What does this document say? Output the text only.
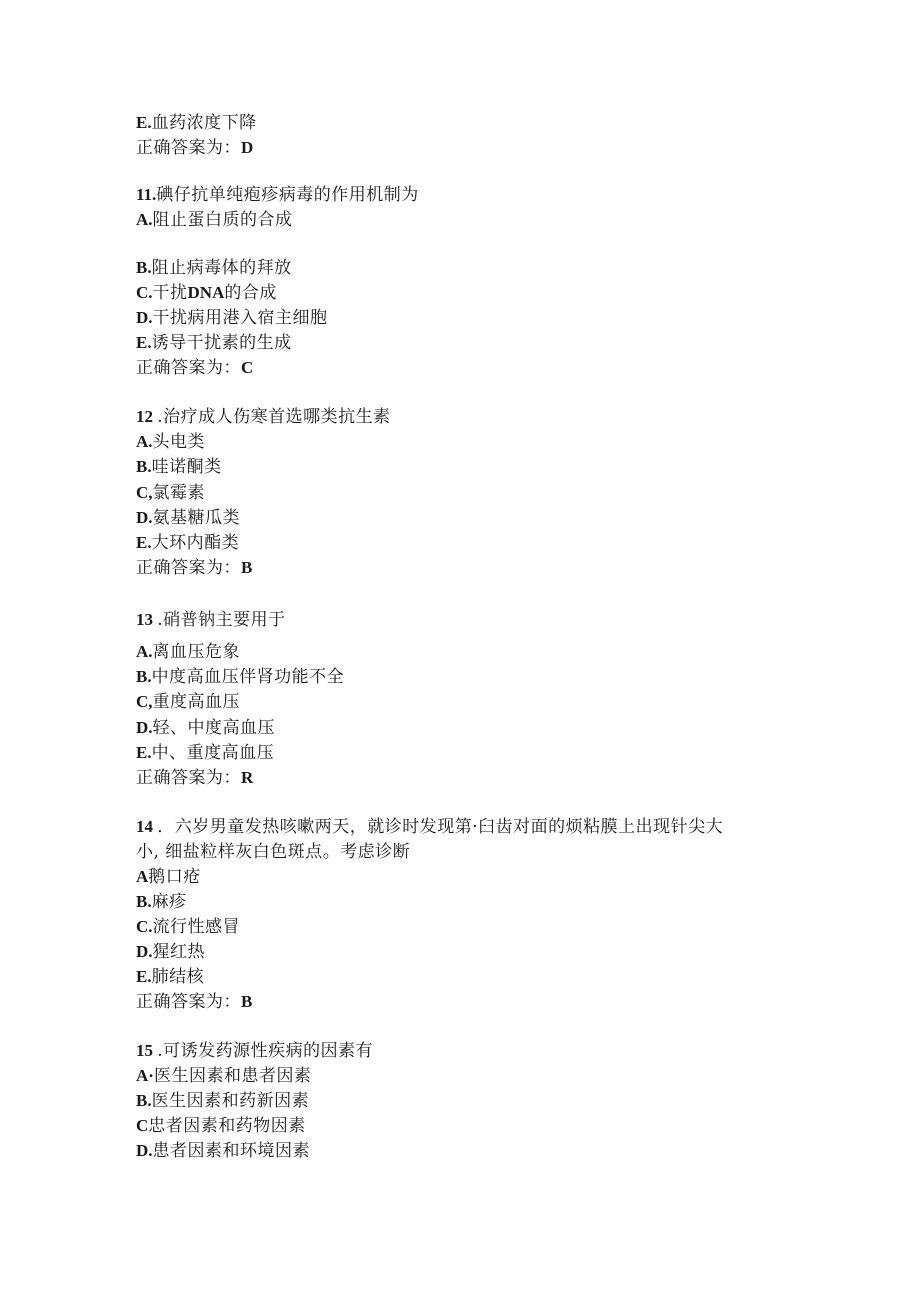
E.血药浓度下降
正确答案为：D
11.碘仔抗单纯疱疹病毒的作用机制为
A.阻止蛋白质的合成
B.阻止病毒体的拜放
C.干扰DNA的合成
D.干扰病用港入宿主细胞
E.诱导干扰素的生成
正确答案为：C
12 .治疗成人伤寒首选哪类抗生素
A.头电类
B.哇诺酮类
C,氯霉素
D.氨基糖瓜类
E.大环内酯类
正确答案为：B
13 .硝普钠主要用于
A.离血压危象
B.中度高血压伴肾功能不全
C,重度高血压
D.轻、中度高血压
E.中、重度高血压
正确答案为：R
14 ．六岁男童发热咳嗽两天，就诊时发现第·臼齿对面的烦粘膜上出现针尖大
小, 细盐粒样灰白色斑点。考虑诊断
A鹅口疮
B.麻疹
C.流行性感冒
D.猩红热
E.肺结核
正确答案为：B
15 .可诱发药源性疾病的因素有
A·医生因素和患者因素
B.医生因素和药新因素
C忠者因素和药物因素
D.患者因素和环境因素
